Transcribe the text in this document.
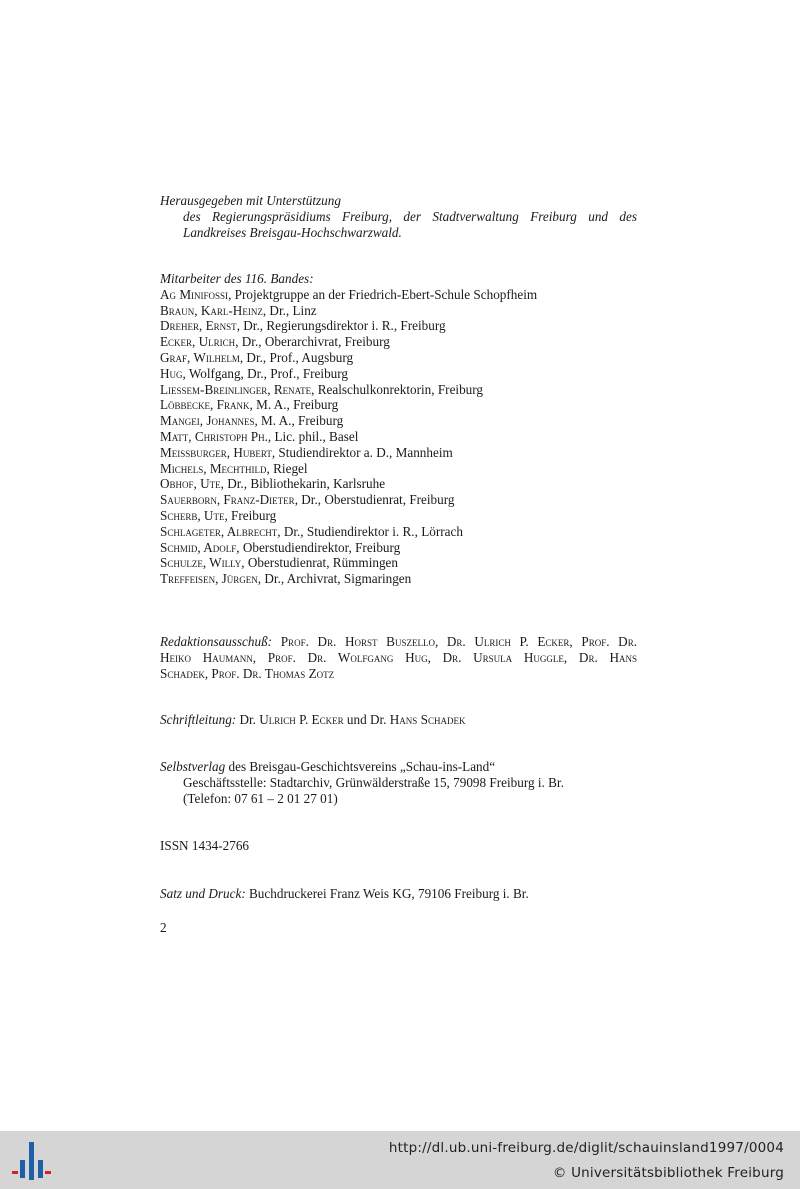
Herausgegeben mit Unterstützung
des Regierungspräsidiums Freiburg, der Stadtverwaltung Freiburg und des
Landkreises Breisgau-Hochschwarzwald.
Mitarbeiter des 116. Bandes:
Ag Minifossi, Projektgruppe an der Friedrich-Ebert-Schule Schopfheim
Braun, Karl-Heinz, Dr., Linz
Dreher, Ernst, Dr., Regierungsdirektor i. R., Freiburg
Ecker, Ulrich, Dr., Oberarchivrat, Freiburg
Graf, Wilhelm, Dr., Prof., Augsburg
Hug, Wolfgang, Dr., Prof., Freiburg
Liessem-Breinlinger, Renate, Realschulkonrektorin, Freiburg
Löbbecke, Frank, M. A., Freiburg
Mangei, Johannes, M. A., Freiburg
Matt, Christoph Ph., Lic. phil., Basel
Meissburger, Hubert, Studiendirektor a. D., Mannheim
Michels, Mechthild, Riegel
Obhof, Ute, Dr., Bibliothekarin, Karlsruhe
Sauerborn, Franz-Dieter, Dr., Oberstudienrat, Freiburg
Scherb, Ute, Freiburg
Schlageter, Albrecht, Dr., Studiendirektor i. R., Lörrach
Schmid, Adolf, Oberstudiendirektor, Freiburg
Schulze, Willy, Oberstudienrat, Rümmingen
Treffeisen, Jürgen, Dr., Archivrat, Sigmaringen
Redaktionsausschuß: Prof. Dr. Horst Buszello, Dr. Ulrich P. Ecker, Prof. Dr.
Heiko Haumann, Prof. Dr. Wolfgang Hug, Dr. Ursula Huggle, Dr. Hans
Schadek, Prof. Dr. Thomas Zotz
Schriftleitung: Dr. Ulrich P. Ecker und Dr. Hans Schadek
Selbstverlag des Breisgau-Geschichtsvereins „Schau-ins-Land“
Geschäftsstelle: Stadtarchiv, Grünwälderstraße 15, 79098 Freiburg i. Br.
(Telefon: 07 61 – 2 01 27 01)
ISSN 1434-2766
Satz und Druck: Buchdruckerei Franz Weis KG, 79106 Freiburg i. Br.
2
http://dl.ub.uni-freiburg.de/diglit/schauinsland1997/0004
© Universitätsbibliothek Freiburg
